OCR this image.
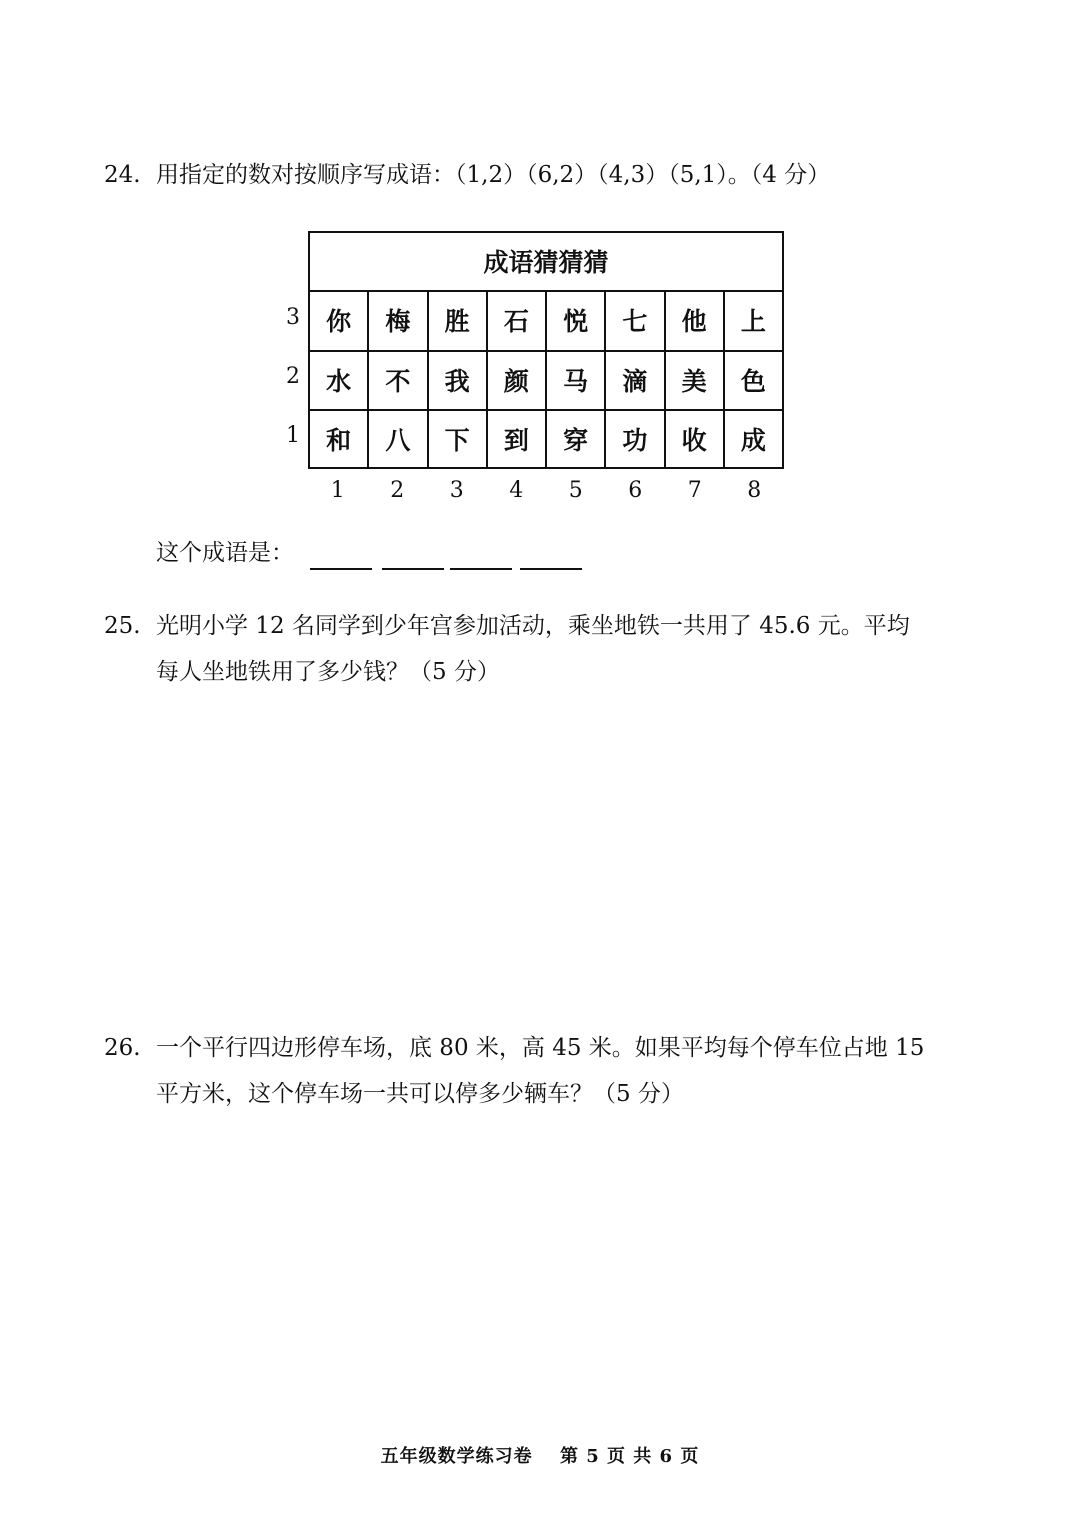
24. 用指定的数对按顺序写成语：（1,2）（6,2）（4,3）（5,1）。（4 分）
3
2
1
成语猜猜猜
你	梅	胜	石	悦	七	他	上
水	不	我	颜	马	滴	美	色
和	八	下	到	穿	功	收	成
1	2	3	4	5	6	7	8
这个成语是：
25. 光明小学 12 名同学到少年宫参加活动，乘坐地铁一共用了 45.6 元。平均
每人坐地铁用了多少钱？（5 分）
26. 一个平行四边形停车场，底 80 米，高 45 米。如果平均每个停车位占地 15
平方米，这个停车场一共可以停多少辆车？（5 分）
五年级数学练习卷 第 5 页 共 6 页
